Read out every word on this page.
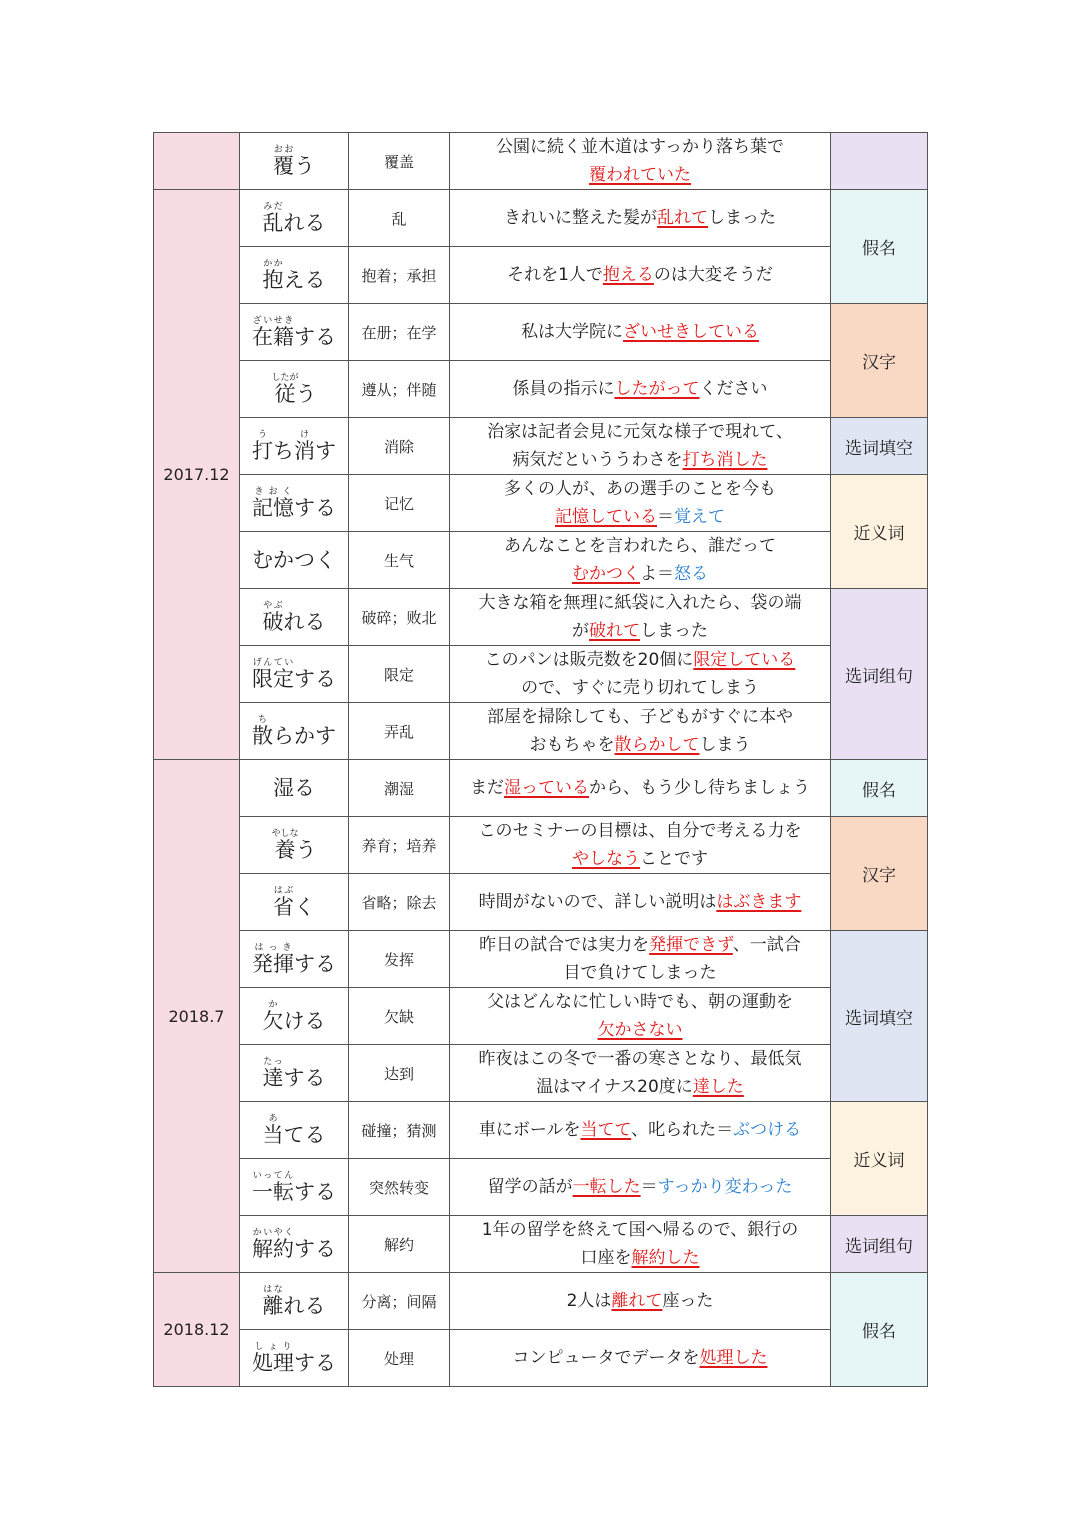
	覆おおう	覆盖	公園に続く並木道はすっかり落ち葉で
覆われていた	
2017.12	乱みだれる	乱	きれいに整えた髪が乱れてしまった	假名
	抱かかえる	抱着；承担	それを1人で抱えるのは大変そうだ	
	在籍ざいせきする	在册；在学	私は大学院にざいせきしている	汉字
	従したがう	遵从；伴随	係員の指示にしたがってください	
	打ち消う　けす	消除	治家は記者会見に元気な様子で現れて、
病気だといううわさを打ち消した	选词填空
	記憶きおくする	记忆	多くの人が、あの選手のことを今も
記憶している＝覚えて	近义词
	むかつく	生气	あんなことを言われたら、誰だって
むかつくよ＝怒る	
	破やぶれる	破碎；败北	大きな箱を無理に紙袋に入れたら、袋の端
が破れてしまった	选词组句
	限定げんていする	限定	このパンは販売数を20個に限定している
ので、すぐに売り切れてしまう	
	散ちらかす	弄乱	部屋を掃除しても、子どもがすぐに本や
おもちゃを散らかしてしまう	
2018.7	湿る	潮湿	まだ湿っているから、もう少し待ちましょう	假名
	養やしなう	养育；培养	このセミナーの目標は、自分で考える力を
やしなうことです	汉字
	省はぶく	省略；除去	時間がないので、詳しい説明ははぶきます	
	発揮はっきする	发挥	昨日の試合では実力を発揮できず、一試合
目で負けてしまった	选词填空
	欠かける	欠缺	父はどんなに忙しい時でも、朝の運動を
欠かさない	
	達たっする	达到	昨夜はこの冬で一番の寒さとなり、最低気
温はマイナス20度に達した	
	当あてる	碰撞；猜测	車にボールを当てて、叱られた＝ぶつける	近义词
	一転いってんする	突然转变	留学の話が一転した＝すっかり変わった	
	解約かいやくする	解约	1年の留学を終えて国へ帰るので、銀行の
口座を解約した	选词组句
2018.12	離はなれる	分离；间隔	2人は離れて座った	假名
	処理しょりする	处理	コンピュータでデータを処理した	
